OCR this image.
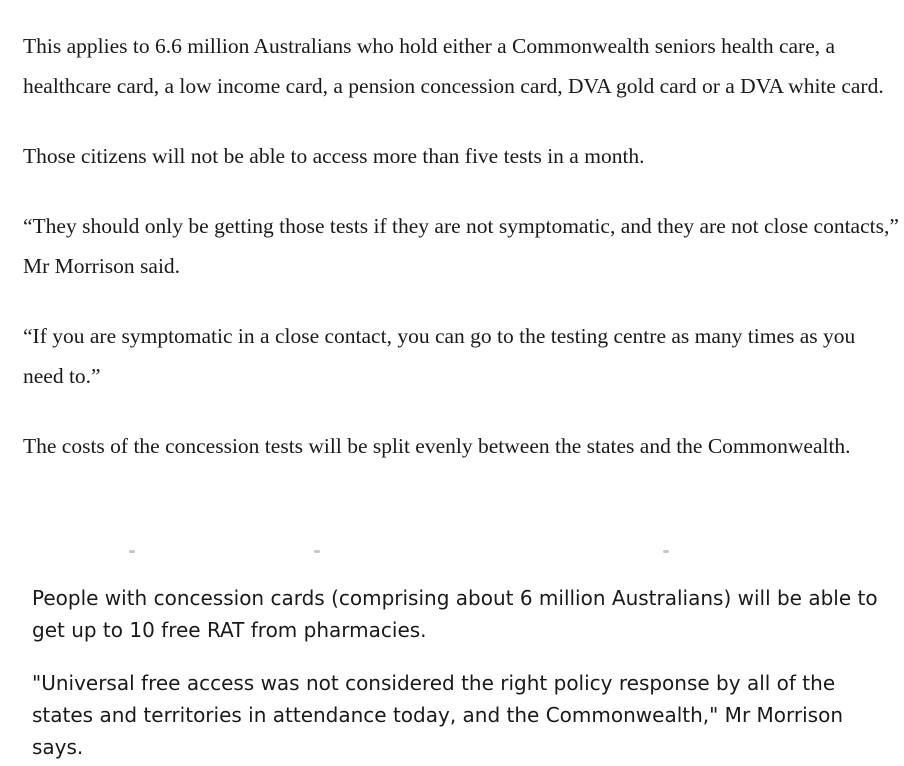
This applies to 6.6 million Australians who hold either a Commonwealth seniors health care, a healthcare card, a low income card, a pension concession card, DVA gold card or a DVA white card.

Those citizens will not be able to access more than five tests in a month.

“They should only be getting those tests if they are not symptomatic, and they are not close contacts,” Mr Morrison said.

“If you are symptomatic in a close contact, you can go to the testing centre as many times as you need to.”

The costs of the concession tests will be split evenly between the states and the Commonwealth.

People with concession cards (comprising about 6 million Australians) will be able to get up to 10 free RAT from pharmacies.

"Universal free access was not considered the right policy response by all of the states and territories in attendance today, and the Commonwealth," Mr Morrison says.
